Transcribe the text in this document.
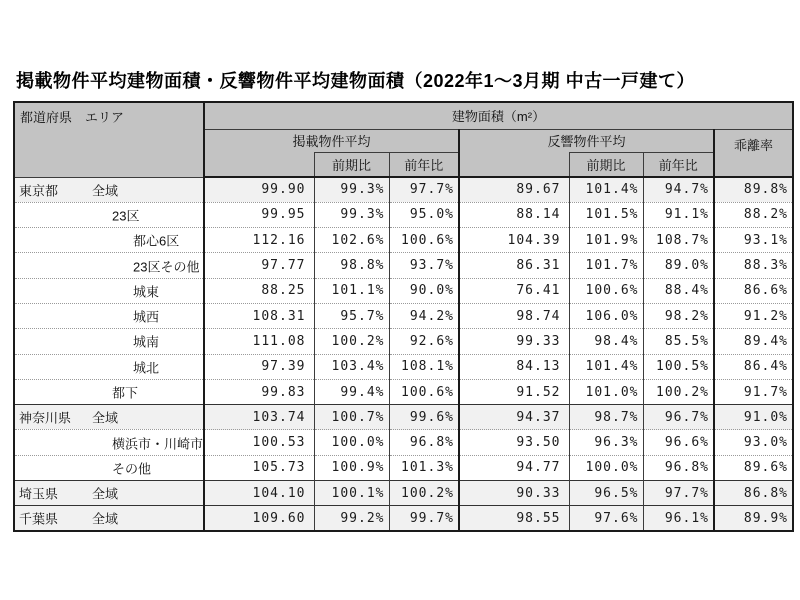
掲載物件平均建物面積・反響物件平均建物面積（2022年1～3月期 中古一戸建て）
都道府県　エリア	建物面積（m²）						
	掲載物件平均			反響物件平均			乖離率
		前期比	前年比		前期比	前年比	

東京都 全域	99.90	99.3%	97.7%	89.67	101.4%	94.7%	89.8%

23区	99.95	99.3%	95.0%	88.14	101.5%	91.1%	88.2%

都心6区	112.16	102.6%	100.6%	104.39	101.9%	108.7%	93.1%

23区その他	97.77	98.8%	93.7%	86.31	101.7%	89.0%	88.3%

城東	88.25	101.1%	90.0%	76.41	100.6%	88.4%	86.6%

城西	108.31	95.7%	94.2%	98.74	106.0%	98.2%	91.2%

城南	111.08	100.2%	92.6%	99.33	98.4%	85.5%	89.4%

城北	97.39	103.4%	108.1%	84.13	101.4%	100.5%	86.4%

都下	99.83	99.4%	100.6%	91.52	101.0%	100.2%	91.7%

神奈川県 全域	103.74	100.7%	99.6%	94.37	98.7%	96.7%	91.0%

横浜市・川崎市	100.53	100.0%	96.8%	93.50	96.3%	96.6%	93.0%

その他	105.73	100.9%	101.3%	94.77	100.0%	96.8%	89.6%

埼玉県 全域	104.10	100.1%	100.2%	90.33	96.5%	97.7%	86.8%

千葉県 全域	109.60	99.2%	99.7%	98.55	97.6%	96.1%	89.9%
